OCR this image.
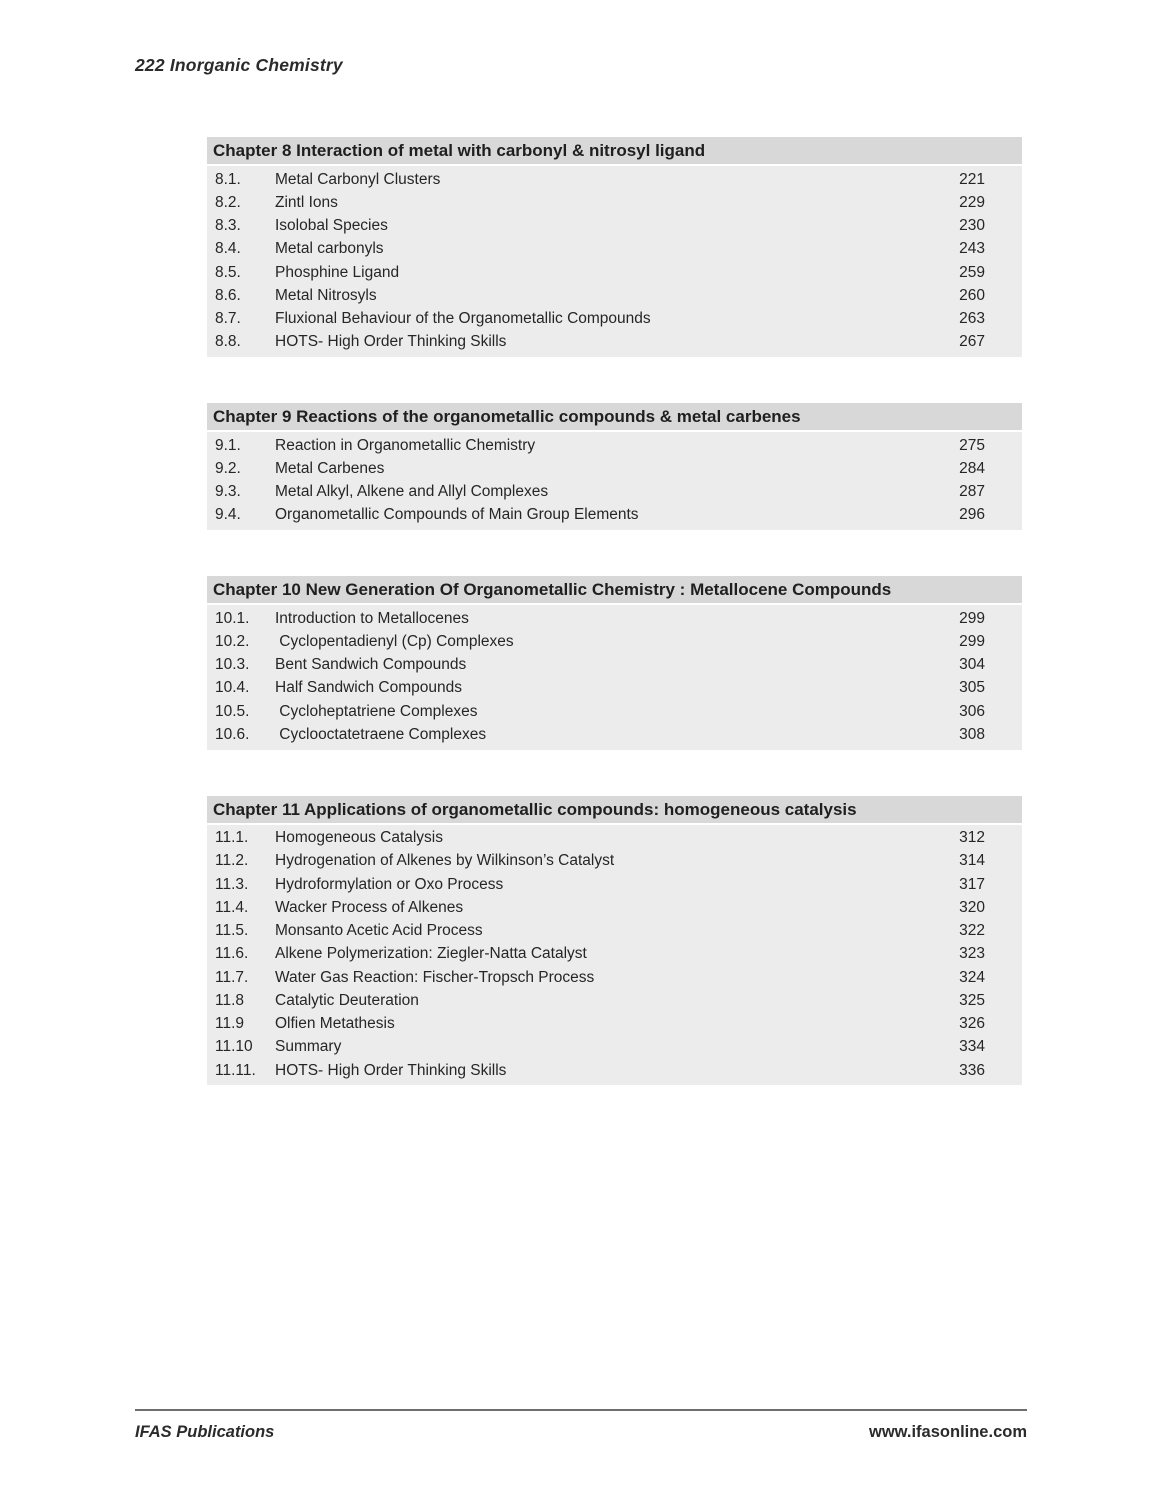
222 Inorganic Chemistry
Chapter 8 Interaction of metal with carbonyl & nitrosyl ligand
8.1.	Metal Carbonyl Clusters	221
8.2.	Zintl Ions	229
8.3.	Isolobal Species	230
8.4.	Metal carbonyls	243
8.5.	Phosphine Ligand	259
8.6.	Metal Nitrosyls	260
8.7.	Fluxional Behaviour of the Organometallic Compounds	263
8.8.	HOTS- High Order Thinking Skills	267
Chapter 9 Reactions of the organometallic compounds & metal carbenes
9.1.	Reaction in Organometallic Chemistry	275
9.2.	Metal Carbenes	284
9.3.	Metal Alkyl, Alkene and Allyl Complexes	287
9.4.	Organometallic Compounds of Main Group Elements	296
Chapter 10 New Generation Of Organometallic Chemistry : Metallocene Compounds
10.1.	Introduction to Metallocenes	299
10.2.	Cyclopentadienyl (Cp) Complexes	299
10.3.	Bent Sandwich Compounds	304
10.4.	Half Sandwich Compounds	305
10.5.	Cycloheptatriene Complexes	306
10.6.	Cyclooctatetraene Complexes	308
Chapter 11 Applications of organometallic compounds: homogeneous catalysis
11.1.	Homogeneous Catalysis	312
11.2.	Hydrogenation of Alkenes by Wilkinson’s Catalyst	314
11.3.	Hydroformylation or Oxo Process	317
11.4.	Wacker Process of Alkenes	320
11.5.	Monsanto Acetic Acid Process	322
11.6.	Alkene Polymerization: Ziegler-Natta Catalyst	323
11.7.	Water Gas Reaction: Fischer-Tropsch Process	324
11.8	Catalytic Deuteration	325
11.9	Olfien Metathesis	326
11.10	Summary	334
11.11.	HOTS- High Order Thinking Skills	336
IFAS Publications	www.ifasonline.com
